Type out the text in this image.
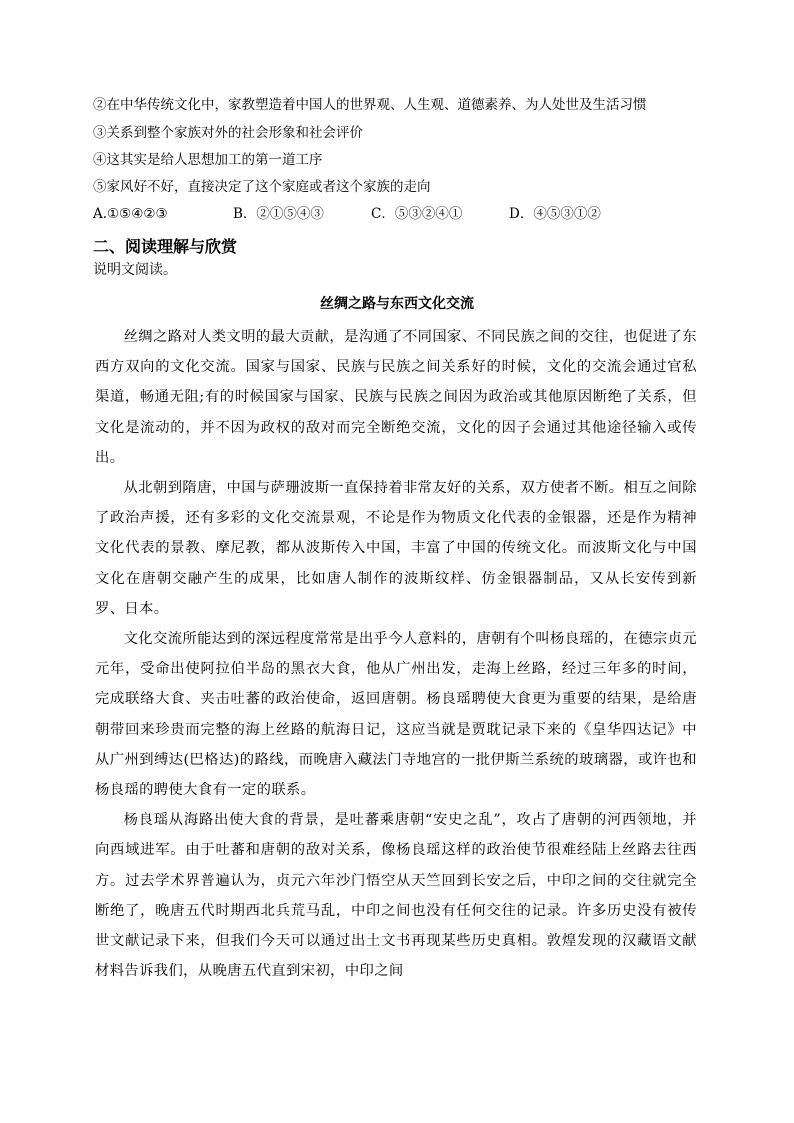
②在中华传统文化中，家教塑造着中国人的世界观、人生观、道德素养、为人处世及生活习惯
③关系到整个家族对外的社会形象和社会评价
④这其实是给人思想加工的第一道工序
⑤家风好不好，直接决定了这个家庭或者这个家族的走向
A.①⑤④②③	B．②①⑤④③	C．⑤③②④①	D．④⑤③①②
二、阅读理解与欣赏
说明文阅读。
丝绸之路与东西文化交流

丝绸之路对人类文明的最大贡献，是沟通了不同国家、不同民族之间的交往，也促进了东西方双向的文化交流。国家与国家、民族与民族之间关系好的时候，文化的交流会通过官私渠道，畅通无阻;有的时候国家与国家、民族与民族之间因为政治或其他原因断绝了关系，但文化是流动的，并不因为政权的敌对而完全断绝交流，文化的因子会通过其他途径输入或传出。

从北朝到隋唐，中国与萨珊波斯一直保持着非常友好的关系，双方使者不断。相互之间除了政治声援，还有多彩的文化交流景观，不论是作为物质文化代表的金银器，还是作为精神文化代表的景教、摩尼教，都从波斯传入中国，丰富了中国的传统文化。而波斯文化与中国文化在唐朝交融产生的成果，比如唐人制作的波斯纹样、仿金银器制品，又从长安传到新罗、日本。

文化交流所能达到的深远程度常常是出乎今人意料的，唐朝有个叫杨良瑶的，在德宗贞元元年，受命出使阿拉伯半岛的黑衣大食，他从广州出发，走海上丝路，经过三年多的时间，完成联络大食、夹击吐蕃的政治使命，返回唐朝。杨良瑶聘使大食更为重要的结果，是给唐朝带回来珍贵而完整的海上丝路的航海日记，这应当就是贾耽记录下来的《皇华四达记》中从广州到缚达(巴格达)的路线，而晚唐入藏法门寺地宫的一批伊斯兰系统的玻璃器，或许也和杨良瑶的聘使大食有一定的联系。

杨良瑶从海路出使大食的背景，是吐蕃乘唐朝“安史之乱”，攻占了唐朝的河西领地，并向西域进军。由于吐蕃和唐朝的敌对关系，像杨良瑶这样的政治使节很难经陆上丝路去往西方。过去学术界普遍认为，贞元六年沙门悟空从天竺回到长安之后，中印之间的交往就完全断绝了，晚唐五代时期西北兵荒马乱，中印之间也没有任何交往的记录。许多历史没有被传世文献记录下来，但我们今天可以通过出土文书再现某些历史真相。敦煌发现的汉藏语文献材料告诉我们，从晚唐五代直到宋初，中印之间
